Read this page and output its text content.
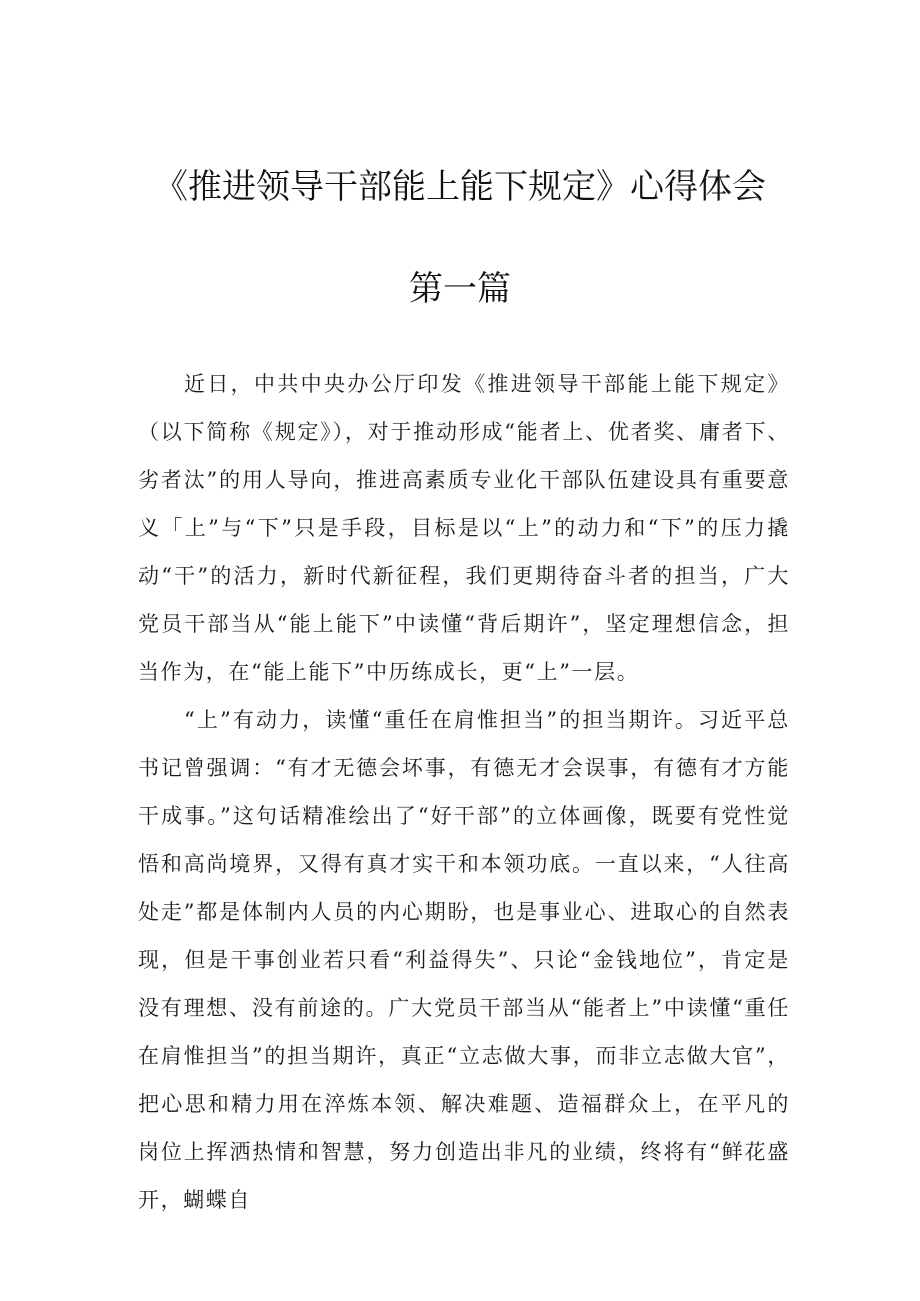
《推进领导干部能上能下规定》心得体会
第一篇

近日，中共中央办公厅印发《推进领导干部能上能下规定》（以下简称《规定》），对于推动形成“能者上、优者奖、庸者下、劣者汰”的用人导向，推进高素质专业化干部队伍建设具有重要意义「上”与“下”只是手段，目标是以“上”的动力和“下”的压力撬动“干”的活力，新时代新征程，我们更期待奋斗者的担当，广大党员干部当从“能上能下”中读懂“背后期许”，坚定理想信念，担当作为，在“能上能下”中历练成长，更“上”一层。

“上”有动力，读懂“重任在肩惟担当”的担当期许。习近平总书记曾强调：“有才无德会坏事，有德无才会误事，有德有才方能干成事。”这句话精准绘出了“好干部”的立体画像，既要有党性觉悟和高尚境界，又得有真才实干和本领功底。一直以来，“人往高处走”都是体制内人员的内心期盼，也是事业心、进取心的自然表现，但是干事创业若只看“利益得失”、只论“金钱地位”，肯定是没有理想、没有前途的。广大党员干部当从“能者上”中读懂“重任在肩惟担当”的担当期许，真正“立志做大事，而非立志做大官”，把心思和精力用在淬炼本领、解决难题、造福群众上，在平凡的岗位上挥洒热情和智慧，努力创造出非凡的业绩，终将有“鲜花盛开，蝴蝶自
